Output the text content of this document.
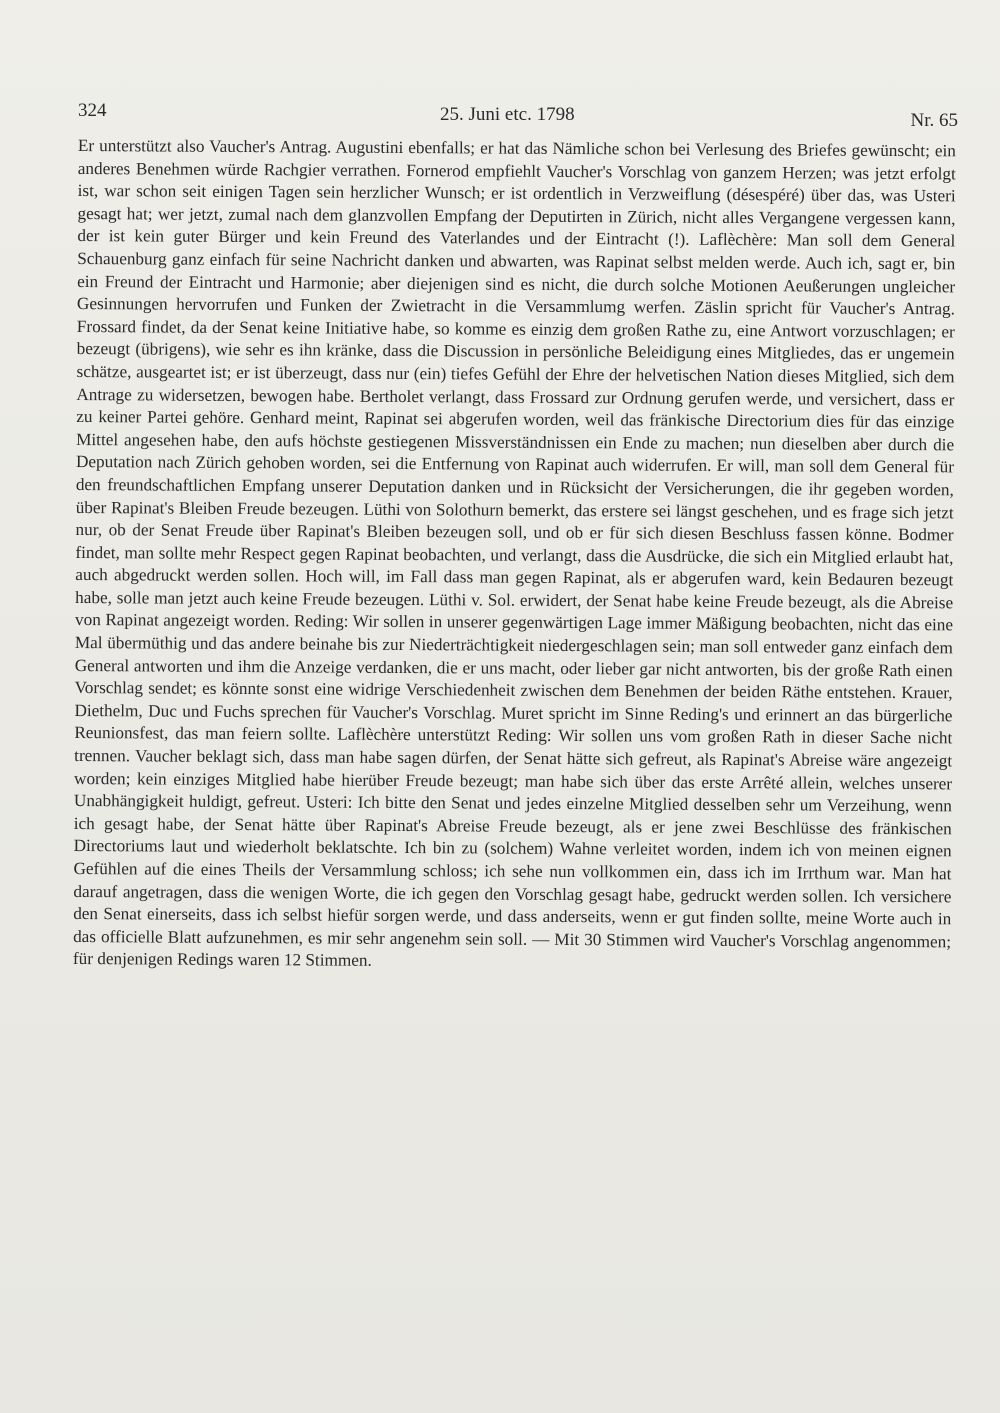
324	25. Juni etc. 1798	Nr. 65

Er unterstützt also Vaucher's Antrag. Augustini ebenfalls; er hat das Nämliche schon bei Verlesung des Briefes gewünscht; ein anderes Benehmen würde Rachgier verrathen. Fornerod empfiehlt Vaucher's Vorschlag von ganzem Herzen; was jetzt erfolgt ist, war schon seit einigen Tagen sein herzlicher Wunsch; er ist ordentlich in Verzweiflung (désespéré) über das, was Usteri gesagt hat; wer jetzt, zumal nach dem glanzvollen Empfang der Deputirten in Zürich, nicht alles Vergangene vergessen kann, der ist kein guter Bürger und kein Freund des Vaterlandes und der Eintracht (!). Laflèchère: Man soll dem General Schauenburg ganz einfach für seine Nachricht danken und abwarten, was Rapinat selbst melden werde. Auch ich, sagt er, bin ein Freund der Eintracht und Harmonie; aber diejenigen sind es nicht, die durch solche Motionen Aeußerungen ungleicher Gesinnungen hervorrufen und Funken der Zwietracht in die Versammlumg werfen. Zäslin spricht für Vaucher's Antrag. Frossard findet, da der Senat keine Initiative habe, so komme es einzig dem großen Rathe zu, eine Antwort vorzuschlagen; er bezeugt (übrigens), wie sehr es ihn kränke, dass die Discussion in persönliche Beleidigung eines Mitgliedes, das er ungemein schätze, ausgeartet ist; er ist überzeugt, dass nur (ein) tiefes Gefühl der Ehre der helvetischen Nation dieses Mitglied, sich dem Antrage zu widersetzen, bewogen habe. Bertholet verlangt, dass Frossard zur Ordnung gerufen werde, und versichert, dass er zu keiner Partei gehöre. Genhard meint, Rapinat sei abgerufen worden, weil das fränkische Directorium dies für das einzige Mittel angesehen habe, den aufs höchste gestiegenen Missverständnissen ein Ende zu machen; nun dieselben aber durch die Deputation nach Zürich gehoben worden, sei die Entfernung von Rapinat auch widerrufen. Er will, man soll dem General für den freundschaftlichen Empfang unserer Deputation danken und in Rücksicht der Versicherungen, die ihr gegeben worden, über Rapinat's Bleiben Freude bezeugen. Lüthi von Solothurn bemerkt, das erstere sei längst geschehen, und es frage sich jetzt nur, ob der Senat Freude über Rapinat's Bleiben bezeugen soll, und ob er für sich diesen Beschluss fassen könne. Bodmer findet, man sollte mehr Respect gegen Rapinat beobachten, und verlangt, dass die Ausdrücke, die sich ein Mitglied erlaubt hat, auch abgedruckt werden sollen. Hoch will, im Fall dass man gegen Rapinat, als er abgerufen ward, kein Bedauren bezeugt habe, solle man jetzt auch keine Freude bezeugen. Lüthi v. Sol. erwidert, der Senat habe keine Freude bezeugt, als die Abreise von Rapinat angezeigt worden. Reding: Wir sollen in unserer gegenwärtigen Lage immer Mäßigung beobachten, nicht das eine Mal übermüthig und das andere beinahe bis zur Niederträchtigkeit niedergeschlagen sein; man soll entweder ganz einfach dem General antworten und ihm die Anzeige verdanken, die er uns macht, oder lieber gar nicht antworten, bis der große Rath einen Vorschlag sendet; es könnte sonst eine widrige Verschiedenheit zwischen dem Benehmen der beiden Räthe entstehen. Krauer, Diethelm, Duc und Fuchs sprechen für Vaucher's Vorschlag. Muret spricht im Sinne Reding's und erinnert an das bürgerliche Reunionsfest, das man feiern sollte. Laflèchère unterstützt Reding: Wir sollen uns vom großen Rath in dieser Sache nicht trennen. Vaucher beklagt sich, dass man habe sagen dürfen, der Senat hätte sich gefreut, als Rapinat's Abreise wäre angezeigt worden; kein einziges Mitglied habe hierüber Freude bezeugt; man habe sich über das erste Arrêté allein, welches unserer Unabhängigkeit huldigt, gefreut. Usteri: Ich bitte den Senat und jedes einzelne Mitglied desselben sehr um Verzeihung, wenn ich gesagt habe, der Senat hätte über Rapinat's Abreise Freude bezeugt, als er jene zwei Beschlüsse des fränkischen Directoriums laut und wiederholt beklatschte. Ich bin zu (solchem) Wahne verleitet worden, indem ich von meinen eignen Gefühlen auf die eines Theils der Versammlung schloss; ich sehe nun vollkommen ein, dass ich im Irrthum war. Man hat darauf angetragen, dass die wenigen Worte, die ich gegen den Vorschlag gesagt habe, gedruckt werden sollen. Ich versichere den Senat einerseits, dass ich selbst hiefür sorgen werde, und dass anderseits, wenn er gut finden sollte, meine Worte auch in das officielle Blatt aufzunehmen, es mir sehr angenehm sein soll. — Mit 30 Stimmen wird Vaucher's Vorschlag angenommen; für denjenigen Redings waren 12 Stimmen.
